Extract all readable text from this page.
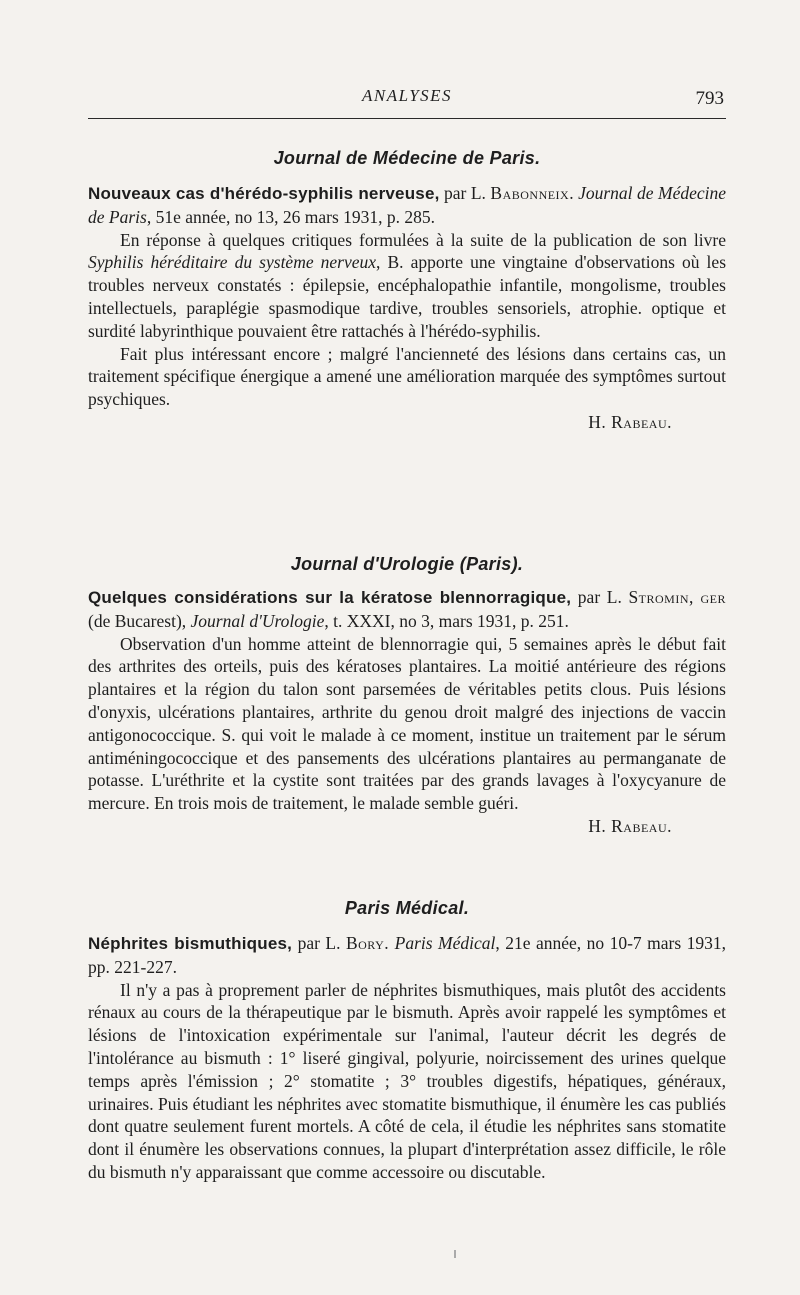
ANALYSES	793
Journal de Médecine de Paris.

Nouveaux cas d'hérédo-syphilis nerveuse, par L. Babonneix. Journal de Médecine de Paris, 51e année, no 13, 26 mars 1931, p. 285.

En réponse à quelques critiques formulées à la suite de la publication de son livre Syphilis héréditaire du système nerveux, B. apporte une vingtaine d'observations où les troubles nerveux constatés : épilepsie, encéphalopathie infantile, mongolisme, troubles intellectuels, paraplégie spasmodique tardive, troubles sensoriels, atrophie. optique et surdité labyrinthique pouvaient être rattachés à l'hérédo-syphilis.

Fait plus intéressant encore ; malgré l'ancienneté des lésions dans certains cas, un traitement spécifique énergique a amené une amélioration marquée des symptômes surtout psychiques.

H. Rabeau.

Journal d'Urologie (Paris).

Quelques considérations sur la kératose blennorragique, par L. Stromin, ger (de Bucarest), Journal d'Urologie, t. XXXI, no 3, mars 1931, p. 251.

Observation d'un homme atteint de blennorragie qui, 5 semaines après le début fait des arthrites des orteils, puis des kératoses plantaires. La moitié antérieure des régions plantaires et la région du talon sont parsemées de véritables petits clous. Puis lésions d'onyxis, ulcérations plantaires, arthrite du genou droit malgré des injections de vaccin antigonococcique. S. qui voit le malade à ce moment, institue un traitement par le sérum antiméningococcique et des pansements des ulcérations plantaires au permanganate de potasse. L'uréthrite et la cystite sont traitées par des grands lavages à l'oxycyanure de mercure. En trois mois de traitement, le malade semble guéri.

H. Rabeau.

Paris Médical.

Néphrites bismuthiques, par L. Bory. Paris Médical, 21e année, no 10-7 mars 1931, pp. 221-227.

Il n'y a pas à proprement parler de néphrites bismuthiques, mais plutôt des accidents rénaux au cours de la thérapeutique par le bismuth. Après avoir rappelé les symptômes et lésions de l'intoxication expérimentale sur l'animal, l'auteur décrit les degrés de l'intolérance au bismuth : 1° liseré gingival, polyurie, noircissement des urines quelque temps après l'émission ; 2° stomatite ; 3° troubles digestifs, hépatiques, généraux, urinaires. Puis étudiant les néphrites avec stomatite bismuthique, il énumère les cas publiés dont quatre seulement furent mortels. A côté de cela, il étudie les néphrites sans stomatite dont il énumère les observations connues, la plupart d'interprétation assez difficile, le rôle du bismuth n'y apparaissant que comme accessoire ou discutable.
